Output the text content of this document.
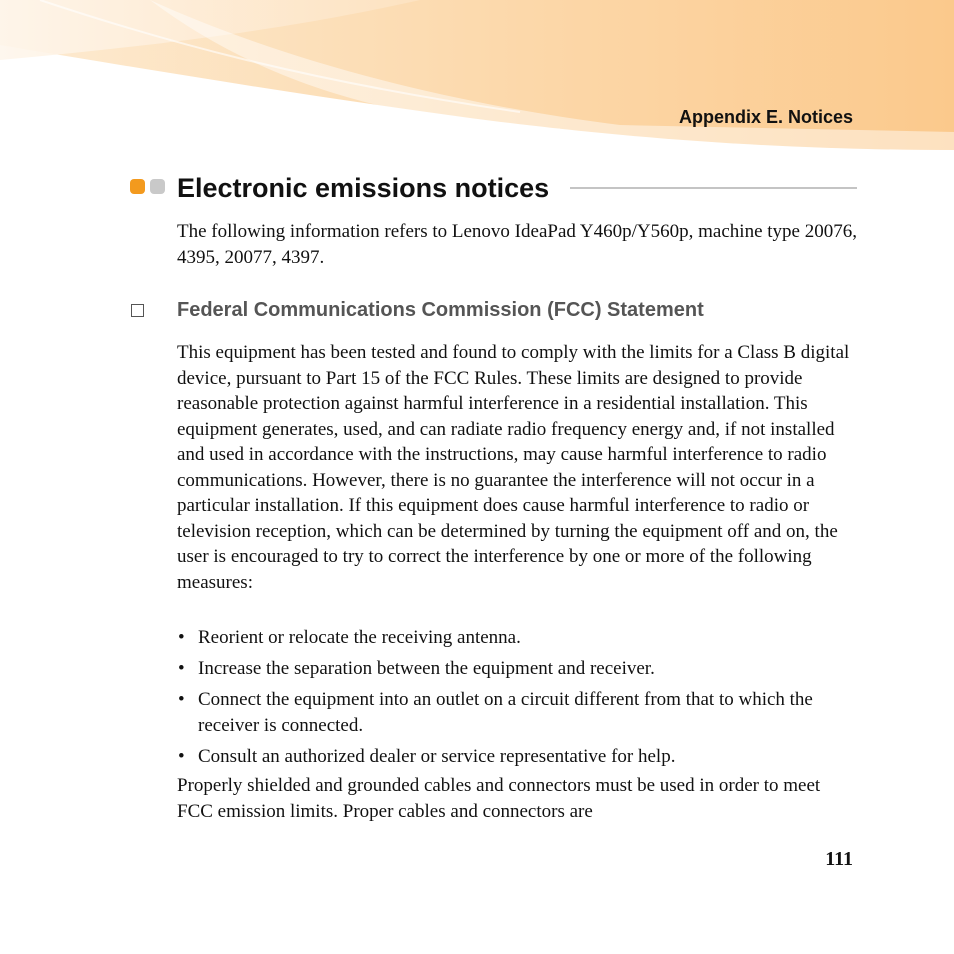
Appendix E. Notices
Electronic emissions notices
The following information refers to Lenovo IdeaPad Y460p/Y560p, machine type 20076, 4395, 20077, 4397.
Federal Communications Commission (FCC) Statement
This equipment has been tested and found to comply with the limits for a Class B digital device, pursuant to Part 15 of the FCC Rules. These limits are designed to provide reasonable protection against harmful interference in a residential installation. This equipment generates, used, and can radiate radio frequency energy and, if not installed and used in accordance with the instructions, may cause harmful interference to radio communications. However, there is no guarantee the interference will not occur in a particular installation. If this equipment does cause harmful interference to radio or television reception, which can be determined by turning the equipment off and on, the user is encouraged to try to correct the interference by one or more of the following measures:
• Reorient or relocate the receiving antenna.
• Increase the separation between the equipment and receiver.
• Connect the equipment into an outlet on a circuit different from that to which the receiver is connected.
• Consult an authorized dealer or service representative for help.
Properly shielded and grounded cables and connectors must be used in order to meet FCC emission limits. Proper cables and connectors are
111
